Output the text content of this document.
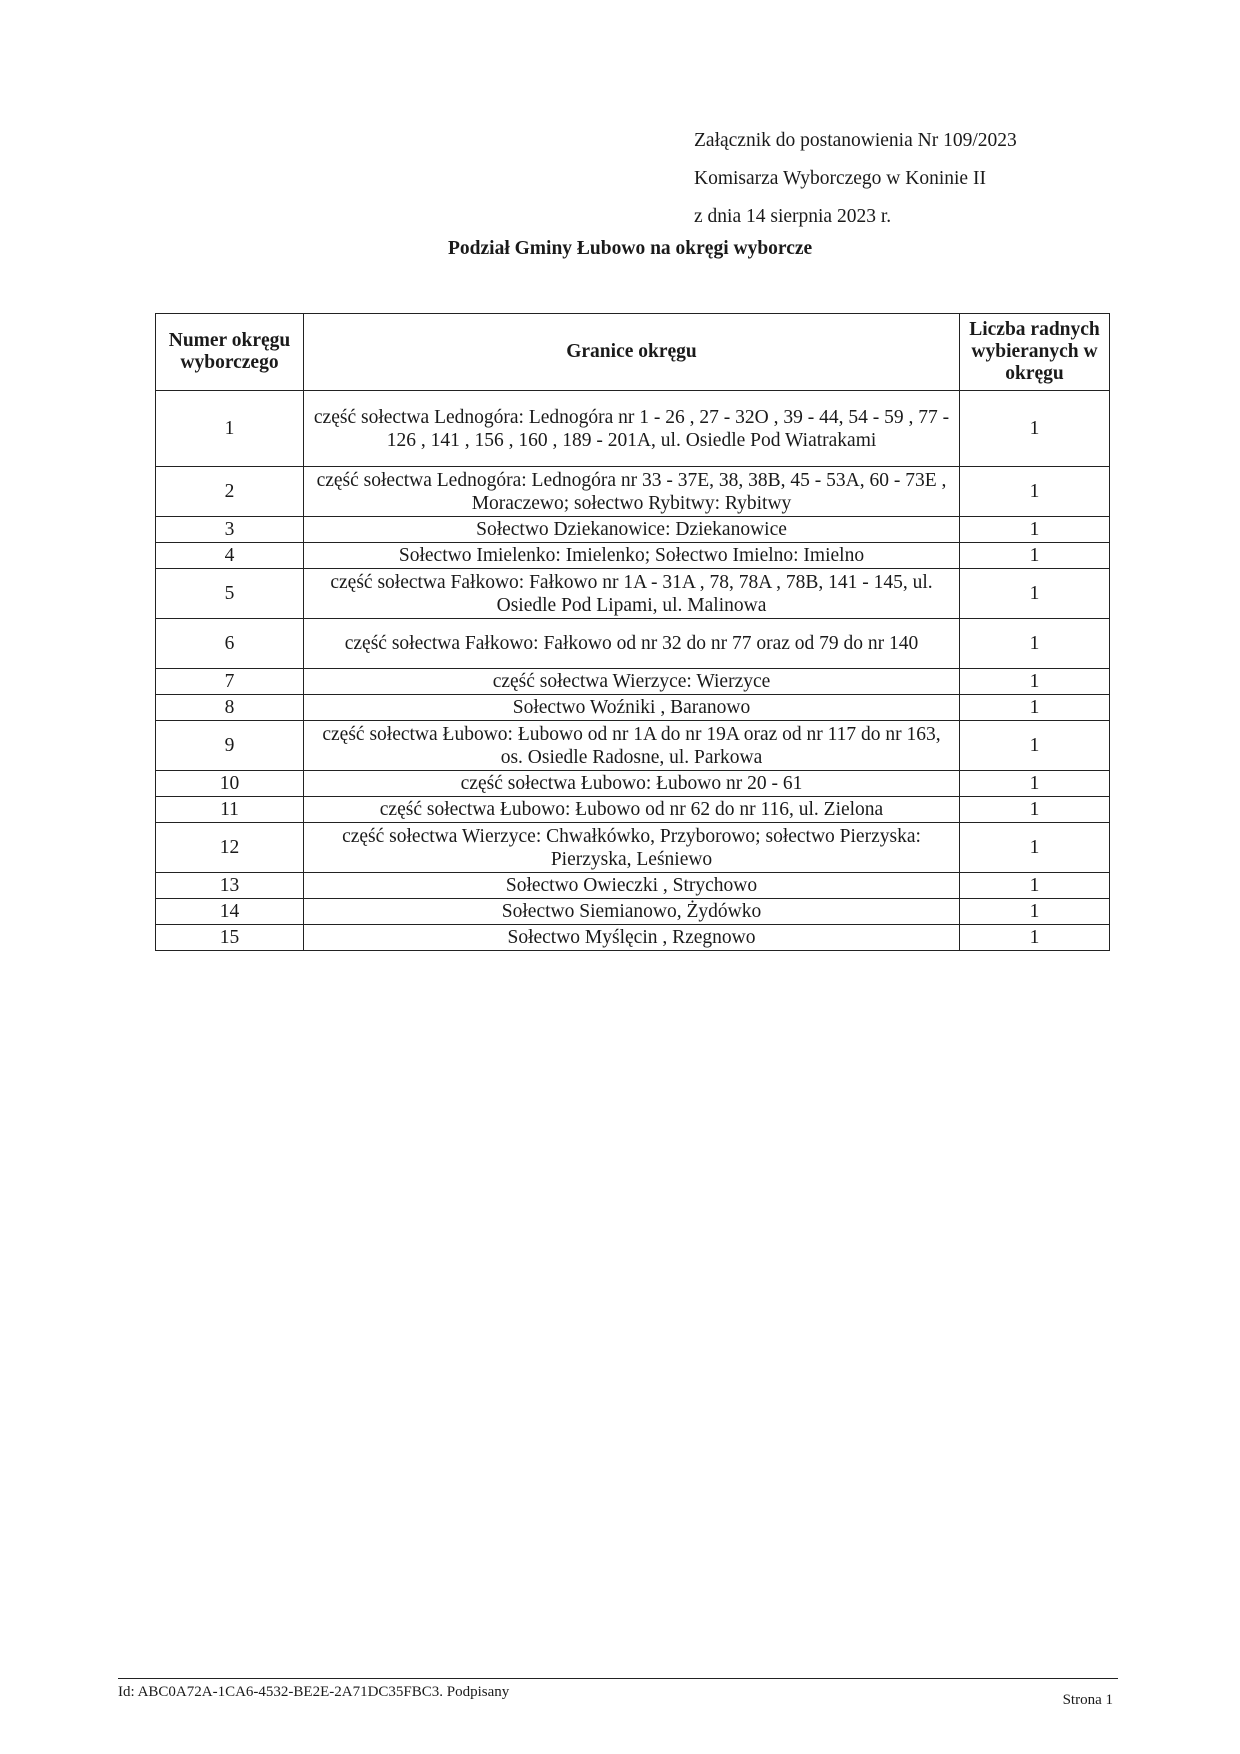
Załącznik do postanowienia Nr 109/2023
Komisarza Wyborczego w Koninie II
z dnia 14 sierpnia 2023 r.
Podział Gminy Łubowo na okręgi wyborcze
Numer okręgu wyborczego	Granice okręgu	Liczba radnych wybieranych w okręgu
1	część sołectwa Lednogóra: Lednogóra nr 1 - 26 , 27 - 32O , 39 - 44, 54 - 59 , 77 - 126 , 141 , 156 , 160 , 189 - 201A, ul. Osiedle Pod Wiatrakami	1
2	część sołectwa Lednogóra: Lednogóra nr 33 - 37E, 38, 38B, 45 - 53A, 60 - 73E , Moraczewo; sołectwo Rybitwy: Rybitwy	1
3	Sołectwo Dziekanowice: Dziekanowice	1
4	Sołectwo Imielenko: Imielenko; Sołectwo Imielno: Imielno	1
5	część sołectwa Fałkowo: Fałkowo nr 1A - 31A , 78, 78A , 78B, 141 - 145, ul. Osiedle Pod Lipami, ul. Malinowa	1
6	część sołectwa Fałkowo: Fałkowo od nr 32 do nr 77 oraz od 79 do nr 140	1
7	część sołectwa Wierzyce: Wierzyce	1
8	Sołectwo Woźniki , Baranowo	1
9	część sołectwa Łubowo: Łubowo od nr 1A do nr 19A oraz od nr 117 do nr 163, os. Osiedle Radosne, ul. Parkowa	1
10	część sołectwa Łubowo: Łubowo nr 20 - 61	1
11	część sołectwa Łubowo: Łubowo od nr 62 do nr 116, ul. Zielona	1
12	część sołectwa Wierzyce: Chwałkówko, Przyborowo; sołectwo Pierzyska: Pierzyska, Leśniewo	1
13	Sołectwo Owieczki , Strychowo	1
14	Sołectwo Siemianowo, Żydówko	1
15	Sołectwo Myślęcin , Rzegnowo	1
Id: ABC0A72A-1CA6-4532-BE2E-2A71DC35FBC3. Podpisany	Strona 1
